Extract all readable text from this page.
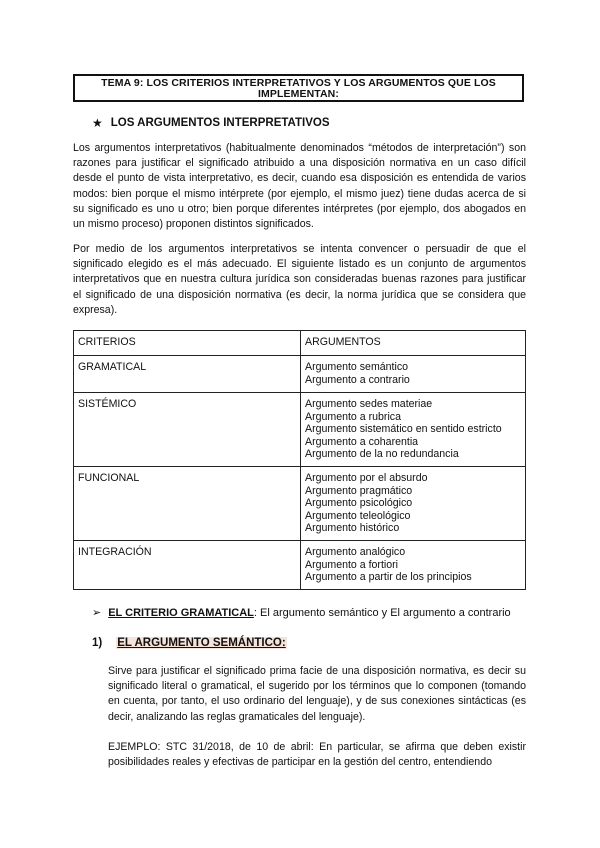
TEMA 9: LOS CRITERIOS INTERPRETATIVOS Y LOS ARGUMENTOS QUE LOS IMPLEMENTAN:
★ LOS ARGUMENTOS INTERPRETATIVOS

Los argumentos interpretativos (habitualmente denominados “métodos de interpretación”) son razones para justificar el significado atribuido a una disposición normativa en un caso difícil desde el punto de vista interpretativo, es decir, cuando esa disposición es entendida de varios modos: bien porque el mismo intérprete (por ejemplo, el mismo juez) tiene dudas acerca de si su significado es uno u otro; bien porque diferentes intérpretes (por ejemplo, dos abogados en un mismo proceso) proponen distintos significados.

Por medio de los argumentos interpretativos se intenta convencer o persuadir de que el significado elegido es el más adecuado. El siguiente listado es un conjunto de argumentos interpretativos que en nuestra cultura jurídica son consideradas buenas razones para justificar el significado de una disposición normativa (es decir, la norma jurídica que se considera que expresa).

CRITERIOS	ARGUMENTOS
GRAMATICAL	Argumento semántico
Argumento a contrario

SISTÉMICO	Argumento sedes materiae
Argumento a rubrica
Argumento sistemático en sentido estricto
Argumento a coharentia
Argumento de la no redundancia

FUNCIONAL	Argumento por el absurdo
Argumento pragmático
Argumento psicológico
Argumento teleológico
Argumento histórico

INTEGRACIÓN	Argumento analógico
Argumento a fortiori
Argumento a partir de los principios
➢ EL CRITERIO GRAMATICAL: El argumento semántico y El argumento a contrario
1) EL ARGUMENTO SEMÁNTICO:

Sirve para justificar el significado prima facie de una disposición normativa, es decir su significado literal o gramatical, el sugerido por los términos que lo componen (tomando en cuenta, por tanto, el uso ordinario del lenguaje), y de sus conexiones sintácticas (es decir, analizando las reglas gramaticales del lenguaje).

EJEMPLO: STC 31/2018, de 10 de abril: En particular, se afirma que deben existir posibilidades reales y efectivas de participar en la gestión del centro, entendiendo
